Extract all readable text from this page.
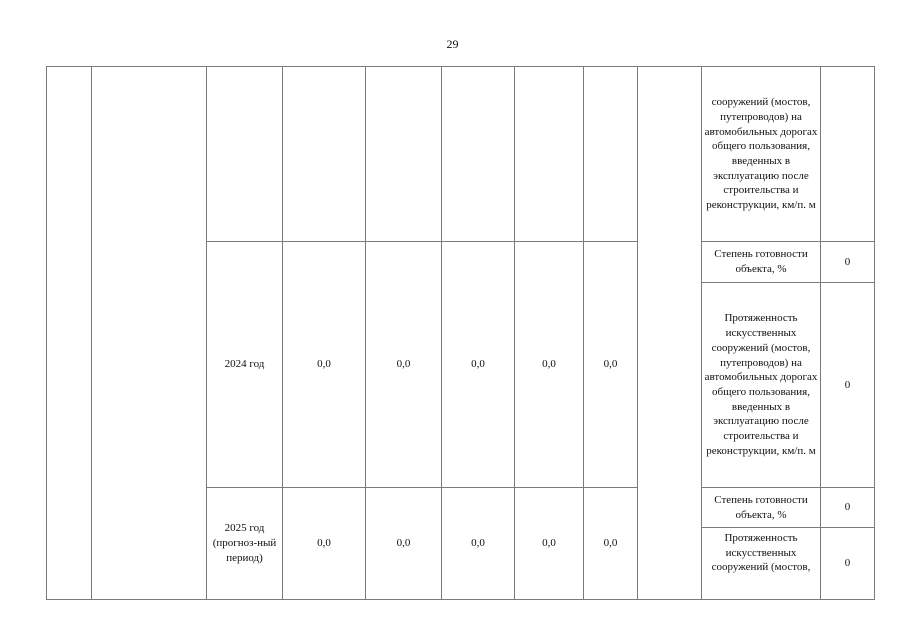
29
									сооружений (мостов, путепроводов) на автомобильных дорогах общего пользования, введенных в эксплуатацию после строительства и реконструкции, км/п. м	
		2024 год	0,0	0,0	0,0	0,0	0,0		Степень готовности объекта, %	0
									Протяженность искусственных сооружений (мостов, путепроводов) на автомобильных дорогах общего пользования, введенных в эксплуатацию после строительства и реконструкции, км/п. м	0
		2025 год (прогноз-ный период)	0,0	0,0	0,0	0,0	0,0		Степень готовности объекта, %	0
									Протяженность искусственных сооружений (мостов,	0
